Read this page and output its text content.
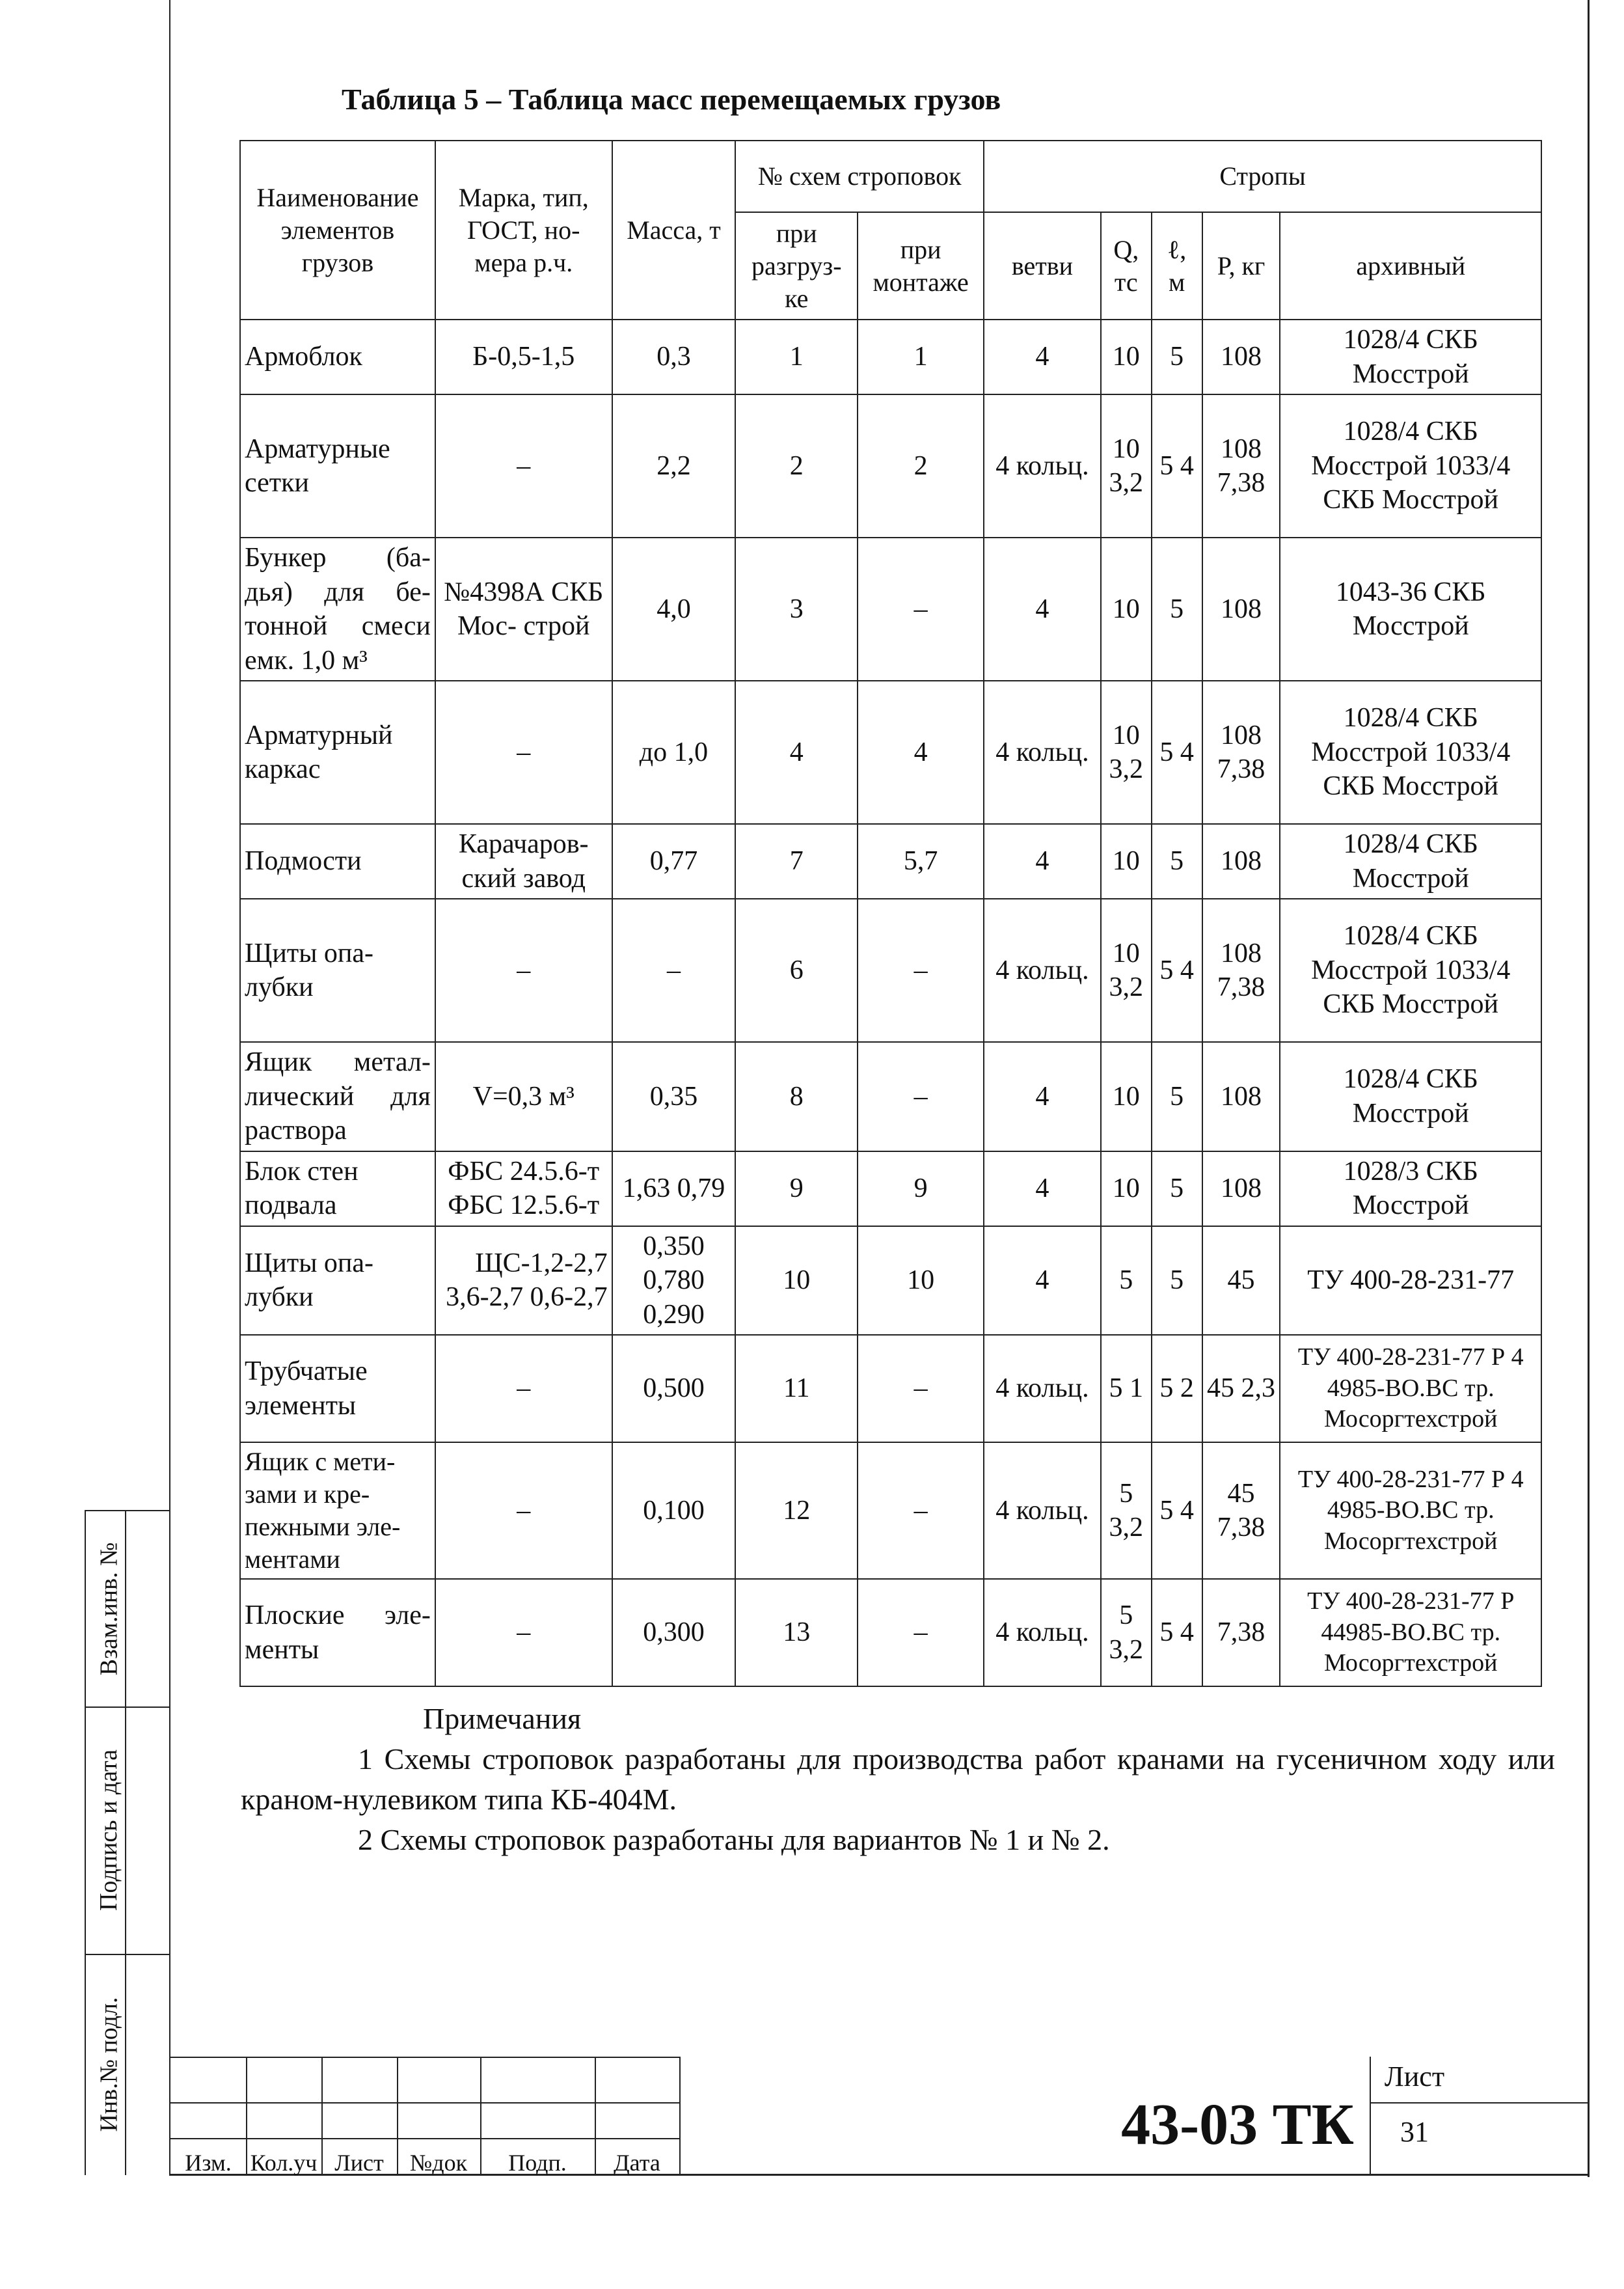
Взам.инв. №
Подпись и дата
Инв.№ подл.
Таблица 5 – Таблица масс перемещаемых грузов
Наименование элементов грузов	Марка, тип, ГОСТ, но- мера р.ч.	Масса, т	№ схем строповок		Стропы				
			при разгруз- ке	при монтаже	ветви	Q, тс	ℓ, м	P, кг	архивный
Армоблок	Б-0,5-1,5	0,3	1	1	4	10	5	108	1028/4 СКБ Мосстрой
Арматурные сетки	–	2,2	2	2	4 кольц.	10 3,2	5 4	108 7,38	1028/4 СКБ Мосстрой 1033/4 СКБ Мосстрой
Бункер (ба- дья) для бе- тонной смеси емк. 1,0 м³	№4398А СКБ Мос- строй	4,0	3	–	4	10	5	108	1043-36 СКБ Мосстрой
Арматурный каркас	–	до 1,0	4	4	4 кольц.	10 3,2	5 4	108 7,38	1028/4 СКБ Мосстрой 1033/4 СКБ Мосстрой
Подмости	Карачаров- ский завод	0,77	7	5,7	4	10	5	108	1028/4 СКБ Мосстрой
Щиты опа- лубки	–	–	6	–	4 кольц.	10 3,2	5 4	108 7,38	1028/4 СКБ Мосстрой 1033/4 СКБ Мосстрой
Ящик метал- лический для раствора	V=0,3 м³	0,35	8	–	4	10	5	108	1028/4 СКБ Мосстрой
Блок стен подвала	ФБС 24.5.6-т ФБС 12.5.6-т	1,63 0,79	9	9	4	10	5	108	1028/3 СКБ Мосстрой
Щиты опа- лубки	ЩС-1,2-2,7 3,6-2,7 0,6-2,7	0,350 0,780 0,290	10	10	4	5	5	45	ТУ 400-28-231-77
Трубчатые элементы	–	0,500	11	–	4 кольц.	5 1	5 2	45 2,3	ТУ 400-28-231-77 Р 4 4985-ВО.ВС тр. Мосоргтехстрой
Ящик с мети- зами и кре- пежными эле- ментами	–	0,100	12	–	4 кольц.	5 3,2	5 4	45 7,38	ТУ 400-28-231-77 Р 4 4985-ВО.ВС тр. Мосоргтехстрой
Плоские эле- менты	–	0,300	13	–	4 кольц.	5 3,2	5 4	7,38	ТУ 400-28-231-77 Р 44985-ВО.ВС тр. Мосоргтехстрой
Примечания

1 Схемы строповок разработаны для производства работ кранами на гусеничном ходу или краном-нулевиком типа КБ-404М.

2 Схемы строповок разработаны для вариантов № 1 и № 2.

Изм. Кол.уч Лист	№док	Подп.	Дата
43-03 ТК
Лист
31
